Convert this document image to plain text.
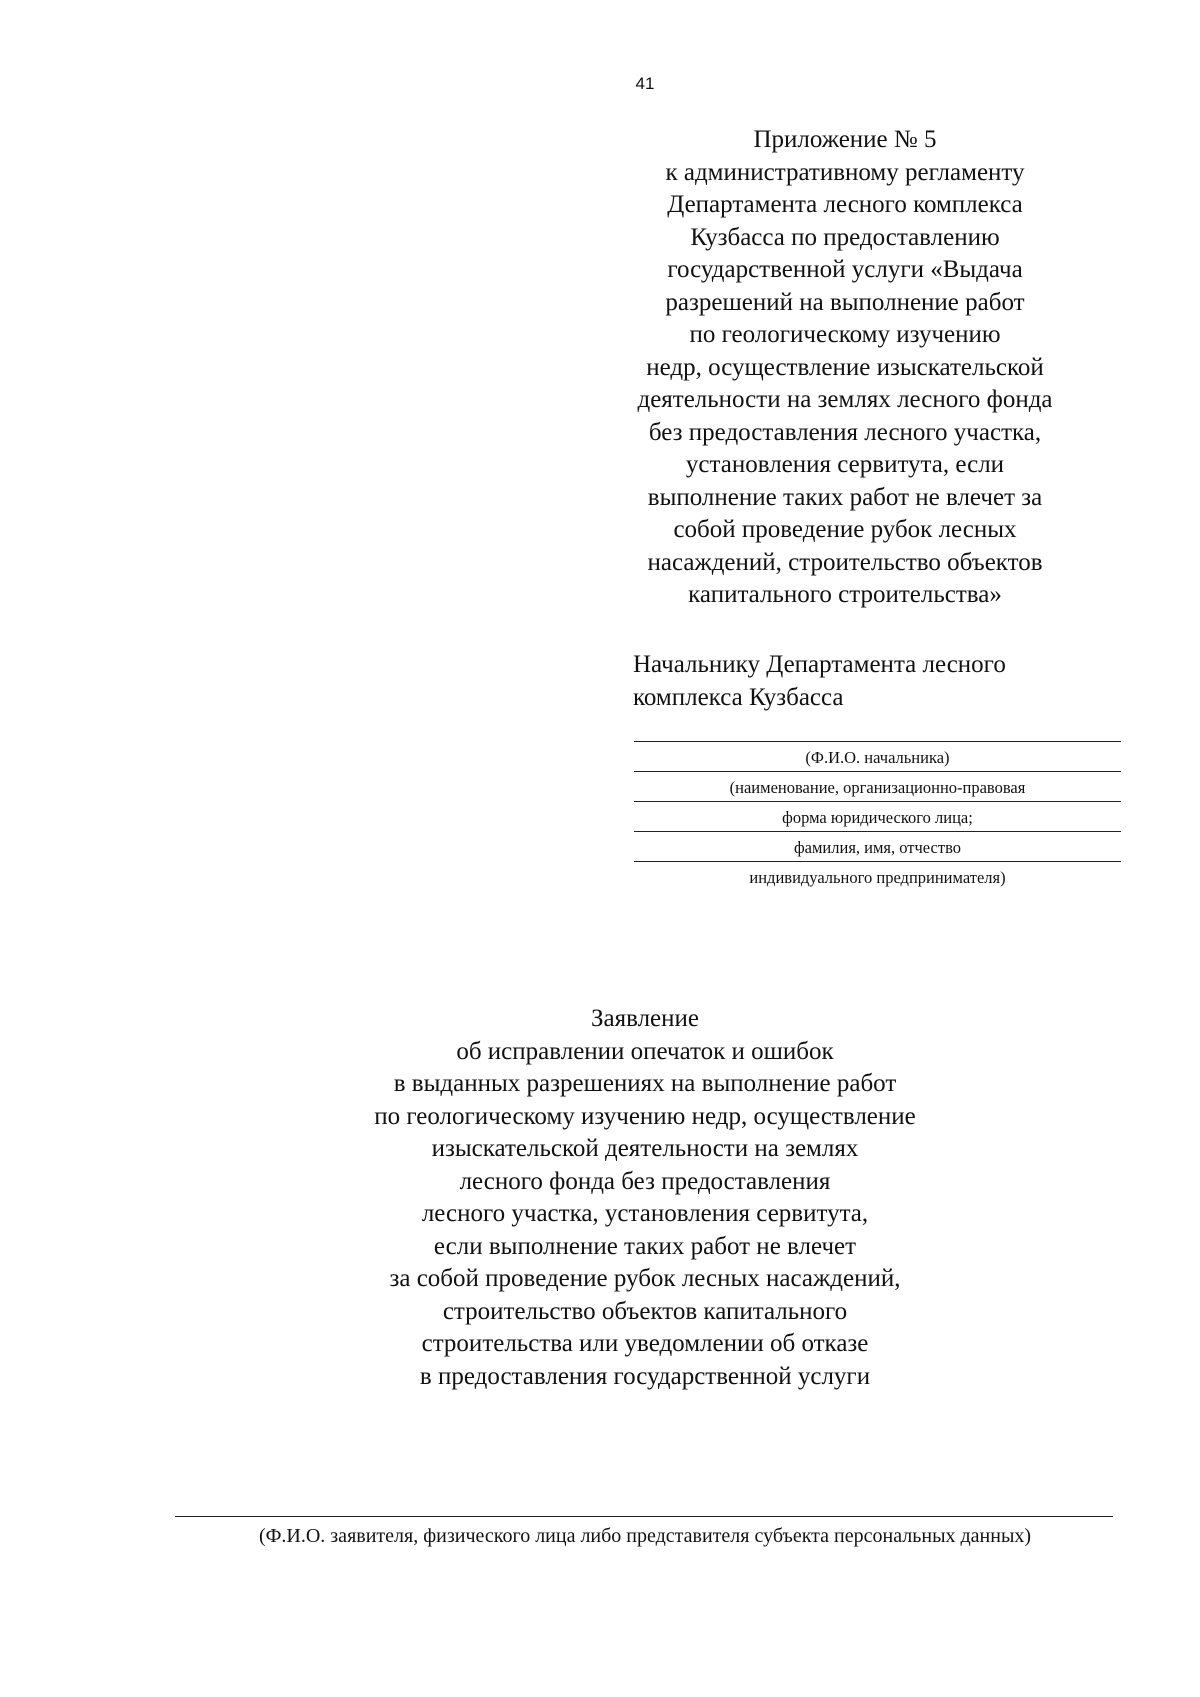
41
Приложение № 5
к административному регламенту
Департамента лесного комплекса
Кузбасса по предоставлению
государственной услуги «Выдача
разрешений на выполнение работ
по геологическому изучению
недр, осуществление изыскательской
деятельности на землях лесного фонда
без предоставления лесного участка,
установления сервитута, если
выполнение таких работ не влечет за
собой проведение рубок лесных
насаждений, строительство объектов
капитального строительства»
Начальнику Департамента лесного
комплекса Кузбасса
(Ф.И.О. начальника)
(наименование, организационно-правовая
форма юридического лица;
фамилия, имя, отчество
индивидуального предпринимателя)
Заявление
об исправлении опечаток и ошибок
в выданных разрешениях на выполнение работ
по геологическому изучению недр, осуществление
изыскательской деятельности на землях
лесного фонда без предоставления
лесного участка, установления сервитута,
если выполнение таких работ не влечет
за собой проведение рубок лесных насаждений,
строительство объектов капитального
строительства или уведомлении об отказе
в предоставления государственной услуги
(Ф.И.О. заявителя, физического лица либо представителя субъекта персональных данных)
